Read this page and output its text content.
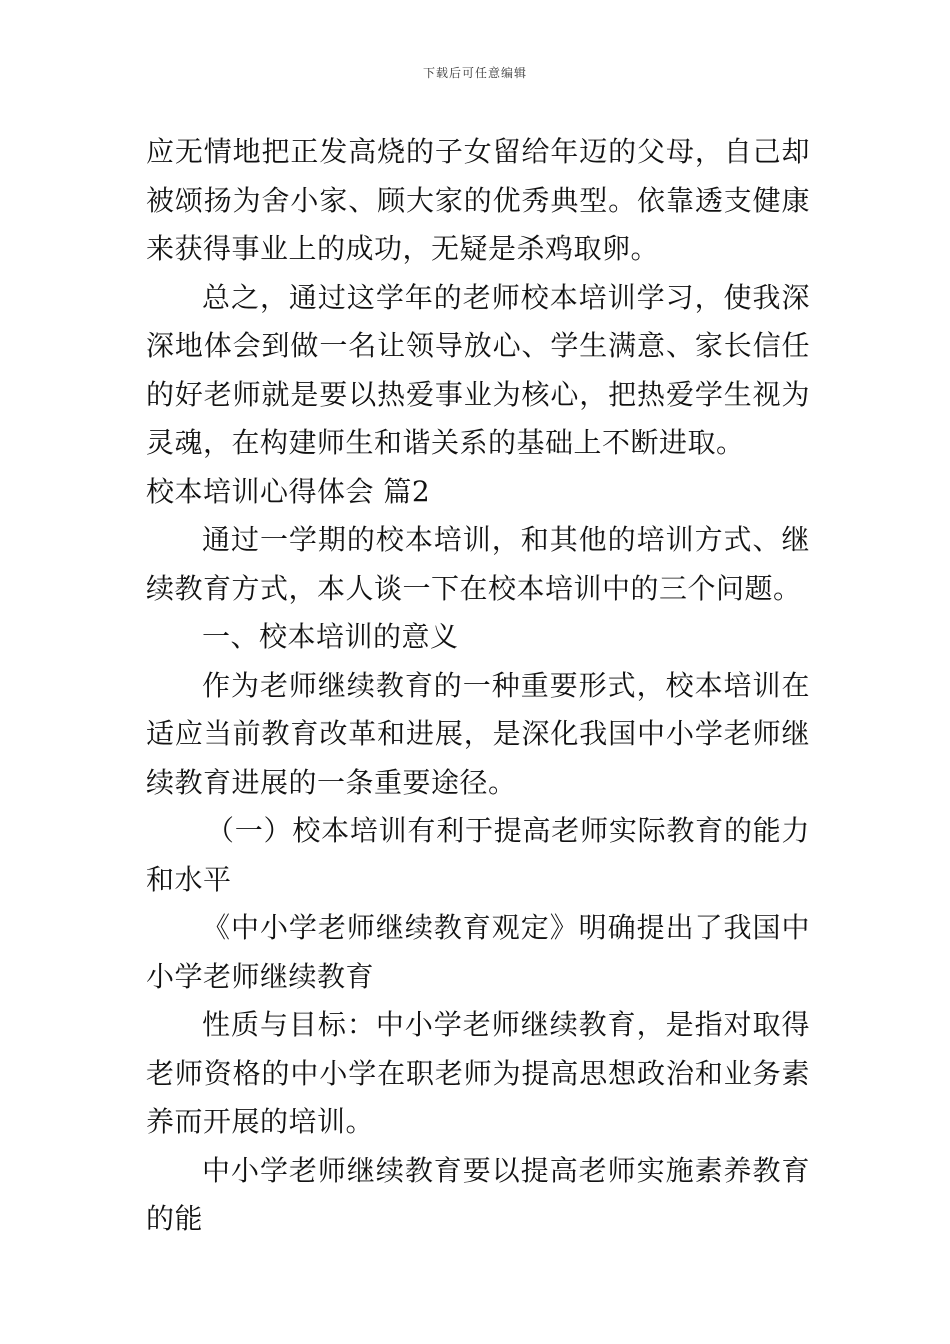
下载后可任意编辑

应无情地把正发高烧的子女留给年迈的父母，自己却被颂扬为舍小家、顾大家的优秀典型。依靠透支健康来获得事业上的成功，无疑是杀鸡取卵。

总之，通过这学年的老师校本培训学习，使我深深地体会到做一名让领导放心、学生满意、家长信任的好老师就是要以热爱事业为核心，把热爱学生视为灵魂，在构建师生和谐关系的基础上不断进取。

校本培训心得体会 篇2

通过一学期的校本培训，和其他的培训方式、继续教育方式，本人谈一下在校本培训中的三个问题。

一、校本培训的意义

作为老师继续教育的一种重要形式，校本培训在适应当前教育改革和进展，是深化我国中小学老师继续教育进展的一条重要途径。

（一）校本培训有利于提高老师实际教育的能力和水平

《中小学老师继续教育观定》明确提出了我国中小学老师继续教育

性质与目标：中小学老师继续教育，是指对取得老师资格的中小学在职老师为提高思想政治和业务素养而开展的培训。

中小学老师继续教育要以提高老师实施素养教育的能
